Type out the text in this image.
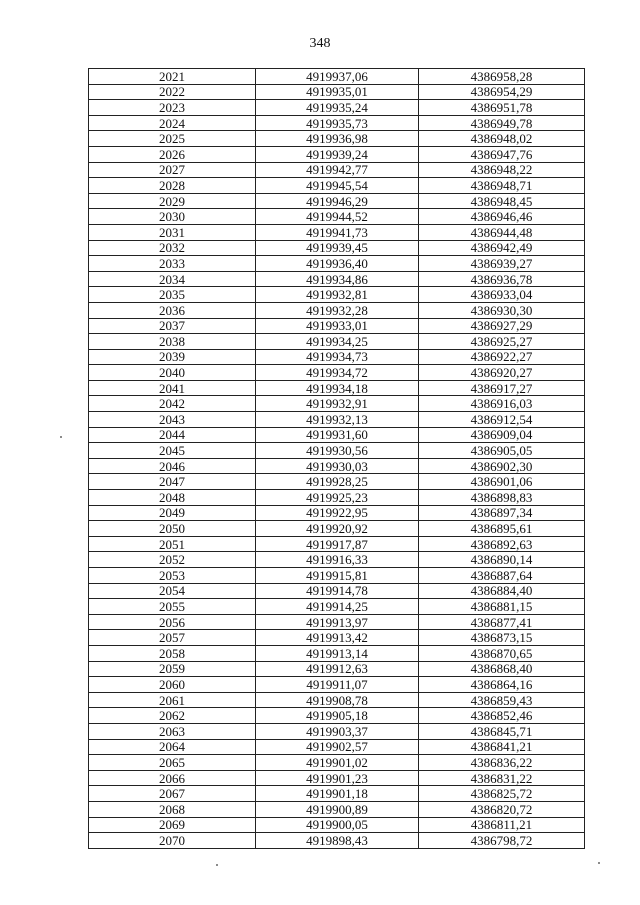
348
2021	4919937,06	4386958,28
2022	4919935,01	4386954,29
2023	4919935,24	4386951,78
2024	4919935,73	4386949,78
2025	4919936,98	4386948,02
2026	4919939,24	4386947,76
2027	4919942,77	4386948,22
2028	4919945,54	4386948,71
2029	4919946,29	4386948,45
2030	4919944,52	4386946,46
2031	4919941,73	4386944,48
2032	4919939,45	4386942,49
2033	4919936,40	4386939,27
2034	4919934,86	4386936,78
2035	4919932,81	4386933,04
2036	4919932,28	4386930,30
2037	4919933,01	4386927,29
2038	4919934,25	4386925,27
2039	4919934,73	4386922,27
2040	4919934,72	4386920,27
2041	4919934,18	4386917,27
2042	4919932,91	4386916,03
2043	4919932,13	4386912,54
2044	4919931,60	4386909,04
2045	4919930,56	4386905,05
2046	4919930,03	4386902,30
2047	4919928,25	4386901,06
2048	4919925,23	4386898,83
2049	4919922,95	4386897,34
2050	4919920,92	4386895,61
2051	4919917,87	4386892,63
2052	4919916,33	4386890,14
2053	4919915,81	4386887,64
2054	4919914,78	4386884,40
2055	4919914,25	4386881,15
2056	4919913,97	4386877,41
2057	4919913,42	4386873,15
2058	4919913,14	4386870,65
2059	4919912,63	4386868,40
2060	4919911,07	4386864,16
2061	4919908,78	4386859,43
2062	4919905,18	4386852,46
2063	4919903,37	4386845,71
2064	4919902,57	4386841,21
2065	4919901,02	4386836,22
2066	4919901,23	4386831,22
2067	4919901,18	4386825,72
2068	4919900,89	4386820,72
2069	4919900,05	4386811,21
2070	4919898,43	4386798,72
